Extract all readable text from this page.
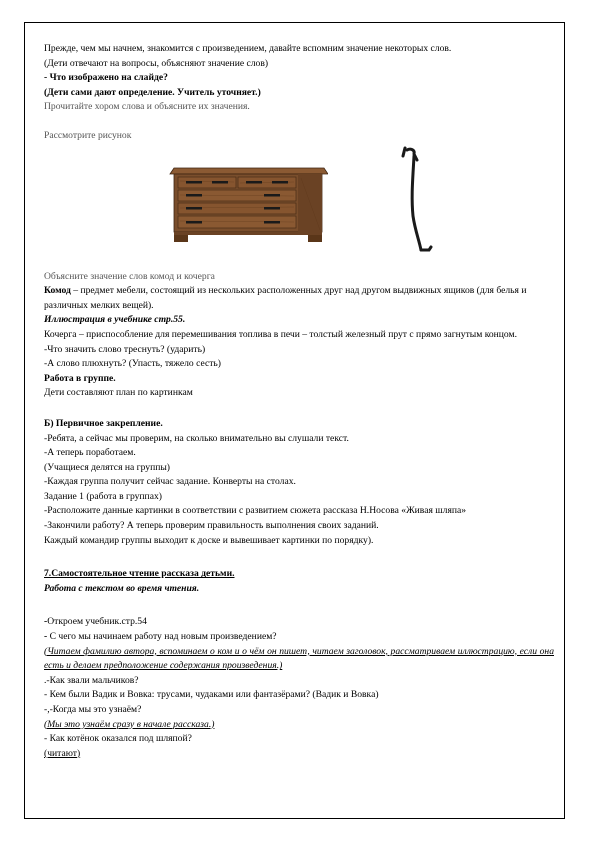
Прежде, чем мы начнем, знакомится с произведением, давайте вспомним значение некоторых слов.

(Дети отвечают на вопросы, объясняют значение слов)

- Что изображено на слайде?

(Дети сами дают определение. Учитель уточняет.)

Прочитайте хором слова и объясните их значения.

Рассмотрите рисунок

Объясните значение слов комод и кочерга

Комод – предмет мебели, состоящий из нескольких расположенных друг над другом выдвижных ящиков (для белья и различных мелких вещей).

Иллюстрация в учебнике стр.55.

Кочерга – приспособление для перемешивания топлива в печи – толстый железный прут с прямо загнутым концом.

-Что значить слово треснуть? (ударить)

-А слово плюхнуть? (Упасть, тяжело сесть)

Работа в группе.

Дети составляют план по картинкам

Б) Первичное закрепление.

-Ребята, а сейчас мы проверим, на сколько внимательно вы слушали текст.

-А теперь поработаем.

(Учащиеся делятся на группы)

-Каждая группа получит сейчас задание. Конверты на столах.

Задание 1 (работа в группах)

-Расположите данные картинки в соответствии с развитием сюжета рассказа Н.Носова «Живая шляпа»

-Закончили работу? А теперь проверим правильность выполнения своих заданий.

Каждый командир группы выходит к доске и вывешивает картинки по порядку).

7.Самостоятельное чтение рассказа детьми.

Работа с текстом во время чтения.

-Откроем учебник.стр.54

- С чего мы начинаем работу над новым произведением?

(Читаем фамилию автора, вспоминаем о ком и о чём он пишет, читаем заголовок, рассматриваем иллюстрацию, если она есть и делаем предположение содержания произведения.)

.-Как звали мальчиков?

- Кем были Вадик и Вовка: трусами, чудаками или фантазёрами? (Вадик и Вовка)

-,-Когда мы это узнаём?

(Мы это узнаём сразу в начале рассказа.)

- Как котёнок оказался под шляпой?

(читают)
